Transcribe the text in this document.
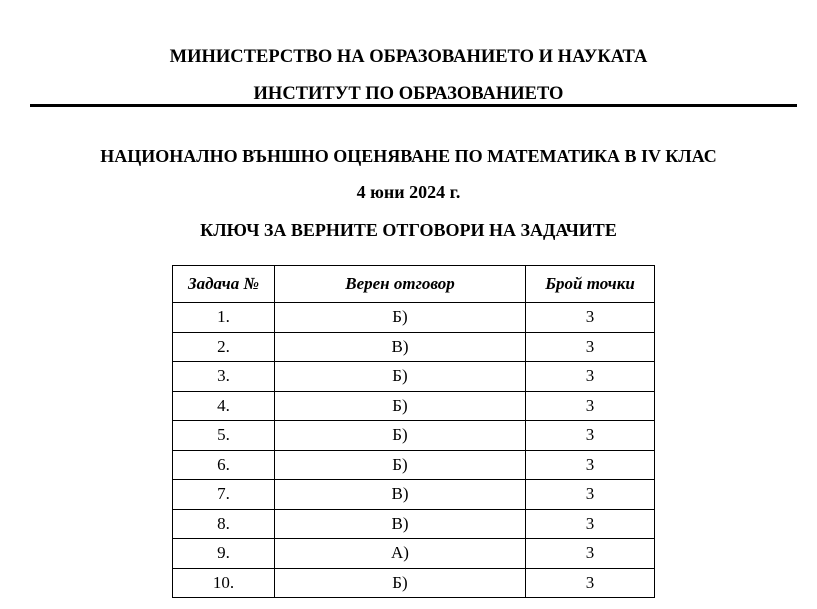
МИНИСТЕРСТВО НА ОБРАЗОВАНИЕТО И НАУКАТА
ИНСТИТУТ ПО ОБРАЗОВАНИЕТО
НАЦИОНАЛНО ВЪНШНО ОЦЕНЯВАНЕ ПО МАТЕМАТИКА В IV КЛАС
4 юни 2024 г.
КЛЮЧ ЗА ВЕРНИТЕ ОТГОВОРИ НА ЗАДАЧИТЕ
Задача №	Верен отговор	Брой точки
1.	Б)	3
2.	В)	3
3.	Б)	3
4.	Б)	3
5.	Б)	3
6.	Б)	3
7.	В)	3
8.	В)	3
9.	А)	3
10.	Б)	3
